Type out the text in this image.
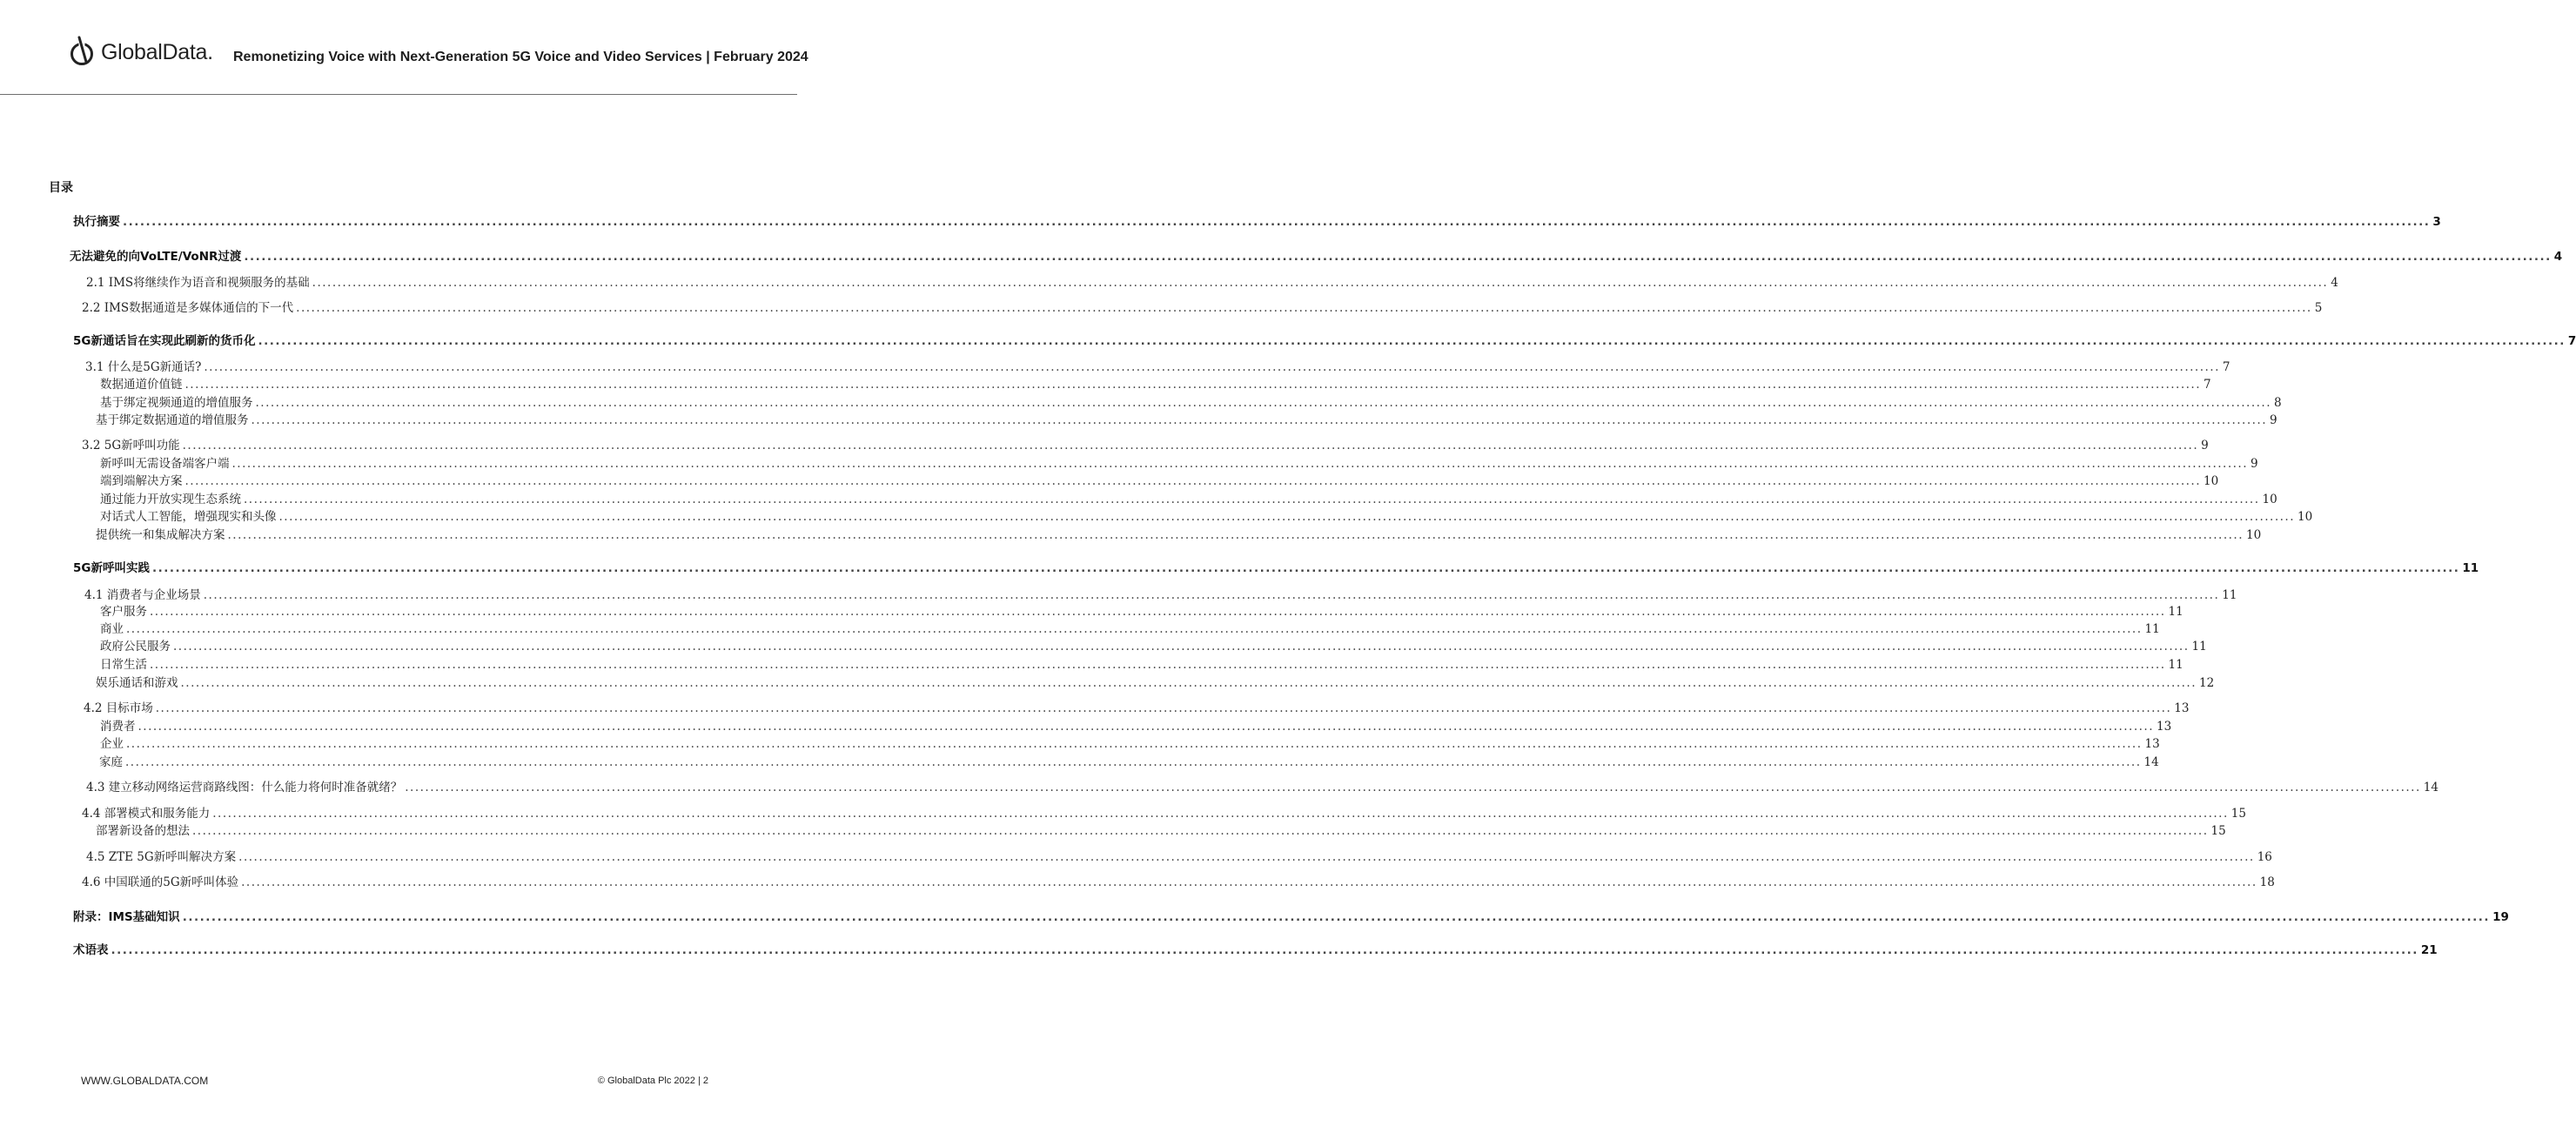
GlobalData. Remonetizing Voice with Next-Generation 5G Voice and Video Services | February 2024
目录
执行摘要 ................................................................................................................................................................................................................................................................................................................................................................................................................ 3
无法避免的向VoLTE/VoNR过渡 ................................................................................................................................................................................................................................................................................................................................................................................................................ 4
2.1 IMS将继续作为语音和视频服务的基础 ................................................................................................................................................................................................................................................................................................................................................................................................................ 4
2.2 IMS数据通道是多媒体通信的下一代 ................................................................................................................................................................................................................................................................................................................................................................................................................ 5
5G新通话旨在实现此刷新的货币化 ................................................................................................................................................................................................................................................................................................................................................................................................................ 7
3.1 什么是5G新通话? ................................................................................................................................................................................................................................................................................................................................................................................................................ 7
数据通道价值链 ................................................................................................................................................................................................................................................................................................................................................................................................................ 7
基于绑定视频通道的增值服务 ................................................................................................................................................................................................................................................................................................................................................................................................................ 8
基于绑定数据通道的增值服务 ................................................................................................................................................................................................................................................................................................................................................................................................................ 9
3.2 5G新呼叫功能 ................................................................................................................................................................................................................................................................................................................................................................................................................ 9
新呼叫无需设备端客户端 ................................................................................................................................................................................................................................................................................................................................................................................................................ 9
端到端解决方案 ................................................................................................................................................................................................................................................................................................................................................................................................................ 10
通过能力开放实现生态系统 ................................................................................................................................................................................................................................................................................................................................................................................................................ 10
对话式人工智能，增强现实和头像 ................................................................................................................................................................................................................................................................................................................................................................................................................ 10
提供统一和集成解决方案 ................................................................................................................................................................................................................................................................................................................................................................................................................ 10
5G新呼叫实践 ................................................................................................................................................................................................................................................................................................................................................................................................................ 11
4.1 消费者与企业场景 ................................................................................................................................................................................................................................................................................................................................................................................................................ 11
客户服务 ................................................................................................................................................................................................................................................................................................................................................................................................................ 11
商业 ................................................................................................................................................................................................................................................................................................................................................................................................................ 11
政府公民服务 ................................................................................................................................................................................................................................................................................................................................................................................................................ 11
日常生活 ................................................................................................................................................................................................................................................................................................................................................................................................................ 11
娱乐通话和游戏 ................................................................................................................................................................................................................................................................................................................................................................................................................ 12
4.2 目标市场 ................................................................................................................................................................................................................................................................................................................................................................................................................ 13
消费者 ................................................................................................................................................................................................................................................................................................................................................................................................................ 13
企业 ................................................................................................................................................................................................................................................................................................................................................................................................................ 13
家庭 ................................................................................................................................................................................................................................................................................................................................................................................................................ 14
4.3 建立移动网络运营商路线图：什么能力将何时准备就绪？ ................................................................................................................................................................................................................................................................................................................................................................................................................ 14
4.4 部署模式和服务能力 ................................................................................................................................................................................................................................................................................................................................................................................................................ 15
部署新设备的想法 ................................................................................................................................................................................................................................................................................................................................................................................................................ 15
4.5 ZTE 5G新呼叫解决方案 ................................................................................................................................................................................................................................................................................................................................................................................................................ 16
4.6 中国联通的5G新呼叫体验 ................................................................................................................................................................................................................................................................................................................................................................................................................ 18
附录：IMS基础知识 ................................................................................................................................................................................................................................................................................................................................................................................................................ 19
术语表 ................................................................................................................................................................................................................................................................................................................................................................................................................ 21
WWW.GLOBALDATA.COM	© GlobalData Plc 2022 | 2
